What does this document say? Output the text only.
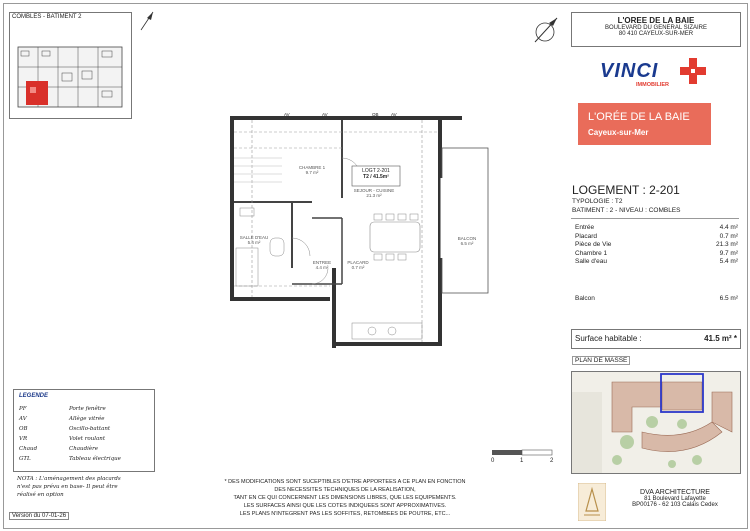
COMBLES - BATIMENT 2	L'OREE DE LA BAIE
BOULEVARD DU GENERAL SIZAIRE
80 410 CAYEUX-SUR-MER
VINCI
IMMOBILIER
L'ORÉE DE LA BAIE
Cayeux-sur-Mer
LOGEMENT : 2-201
TYPOLOGIE : T2
BATIMENT : 2 - NIVEAU : COMBLES
Entrée	4.4 m²
Placard	0.7 m²
Pièce de Vie	21.3 m²
Chambre 1	9.7 m²
Salle d'eau	5.4 m²
Balcon	6.5 m²
Surface habitable :	41.5 m² *
PLAN DE MASSE
DVA ARCHITECTURE
81 Boulevard Lafayette
BP00176 - 62 103 Calais Cedex
LEGENDE
PF	Porte fenêtre
AV	Allège vitrée
OB	Oscillo-battant
VR	Volet roulant
Chaud	Chaudière
GTL	Tableau électrique
NOTA : L'aménagement des placards
n'est pas prévu en base- Il peut être
réalisé en option
Version du 07-01-26
* DES MODIFICATIONS SONT SUCEPTIBLES D'ETRE APPORTEES A CE PLAN EN FONCTION
DES NECESSITES TECHNIQUES DE LA REALISATION,
TANT EN CE QUI CONCERNENT LES DIMENSIONS LIBRES, QUE LES EQUIPEMENTS.
LES SURFACES AINSI QUE LES COTES INDIQUEES SONT APPROXIMATIVES.
LES PLANS N'INTEGRENT PAS LES SOFFITES, RETOMBEES DE POUTRE, ETC...
0	1	2
AV	AV	OB	AV
LOGT 2-201
T2 / 41.5m²
CHAMBRE 1
9.7 m²
SEJOUR - CUISINE
21.3 m²
SALLE D'EAU
5.4 m²
ENTREE
4.4 m²
PLACARD
0.7 m²
BALCON
6.5 m²
